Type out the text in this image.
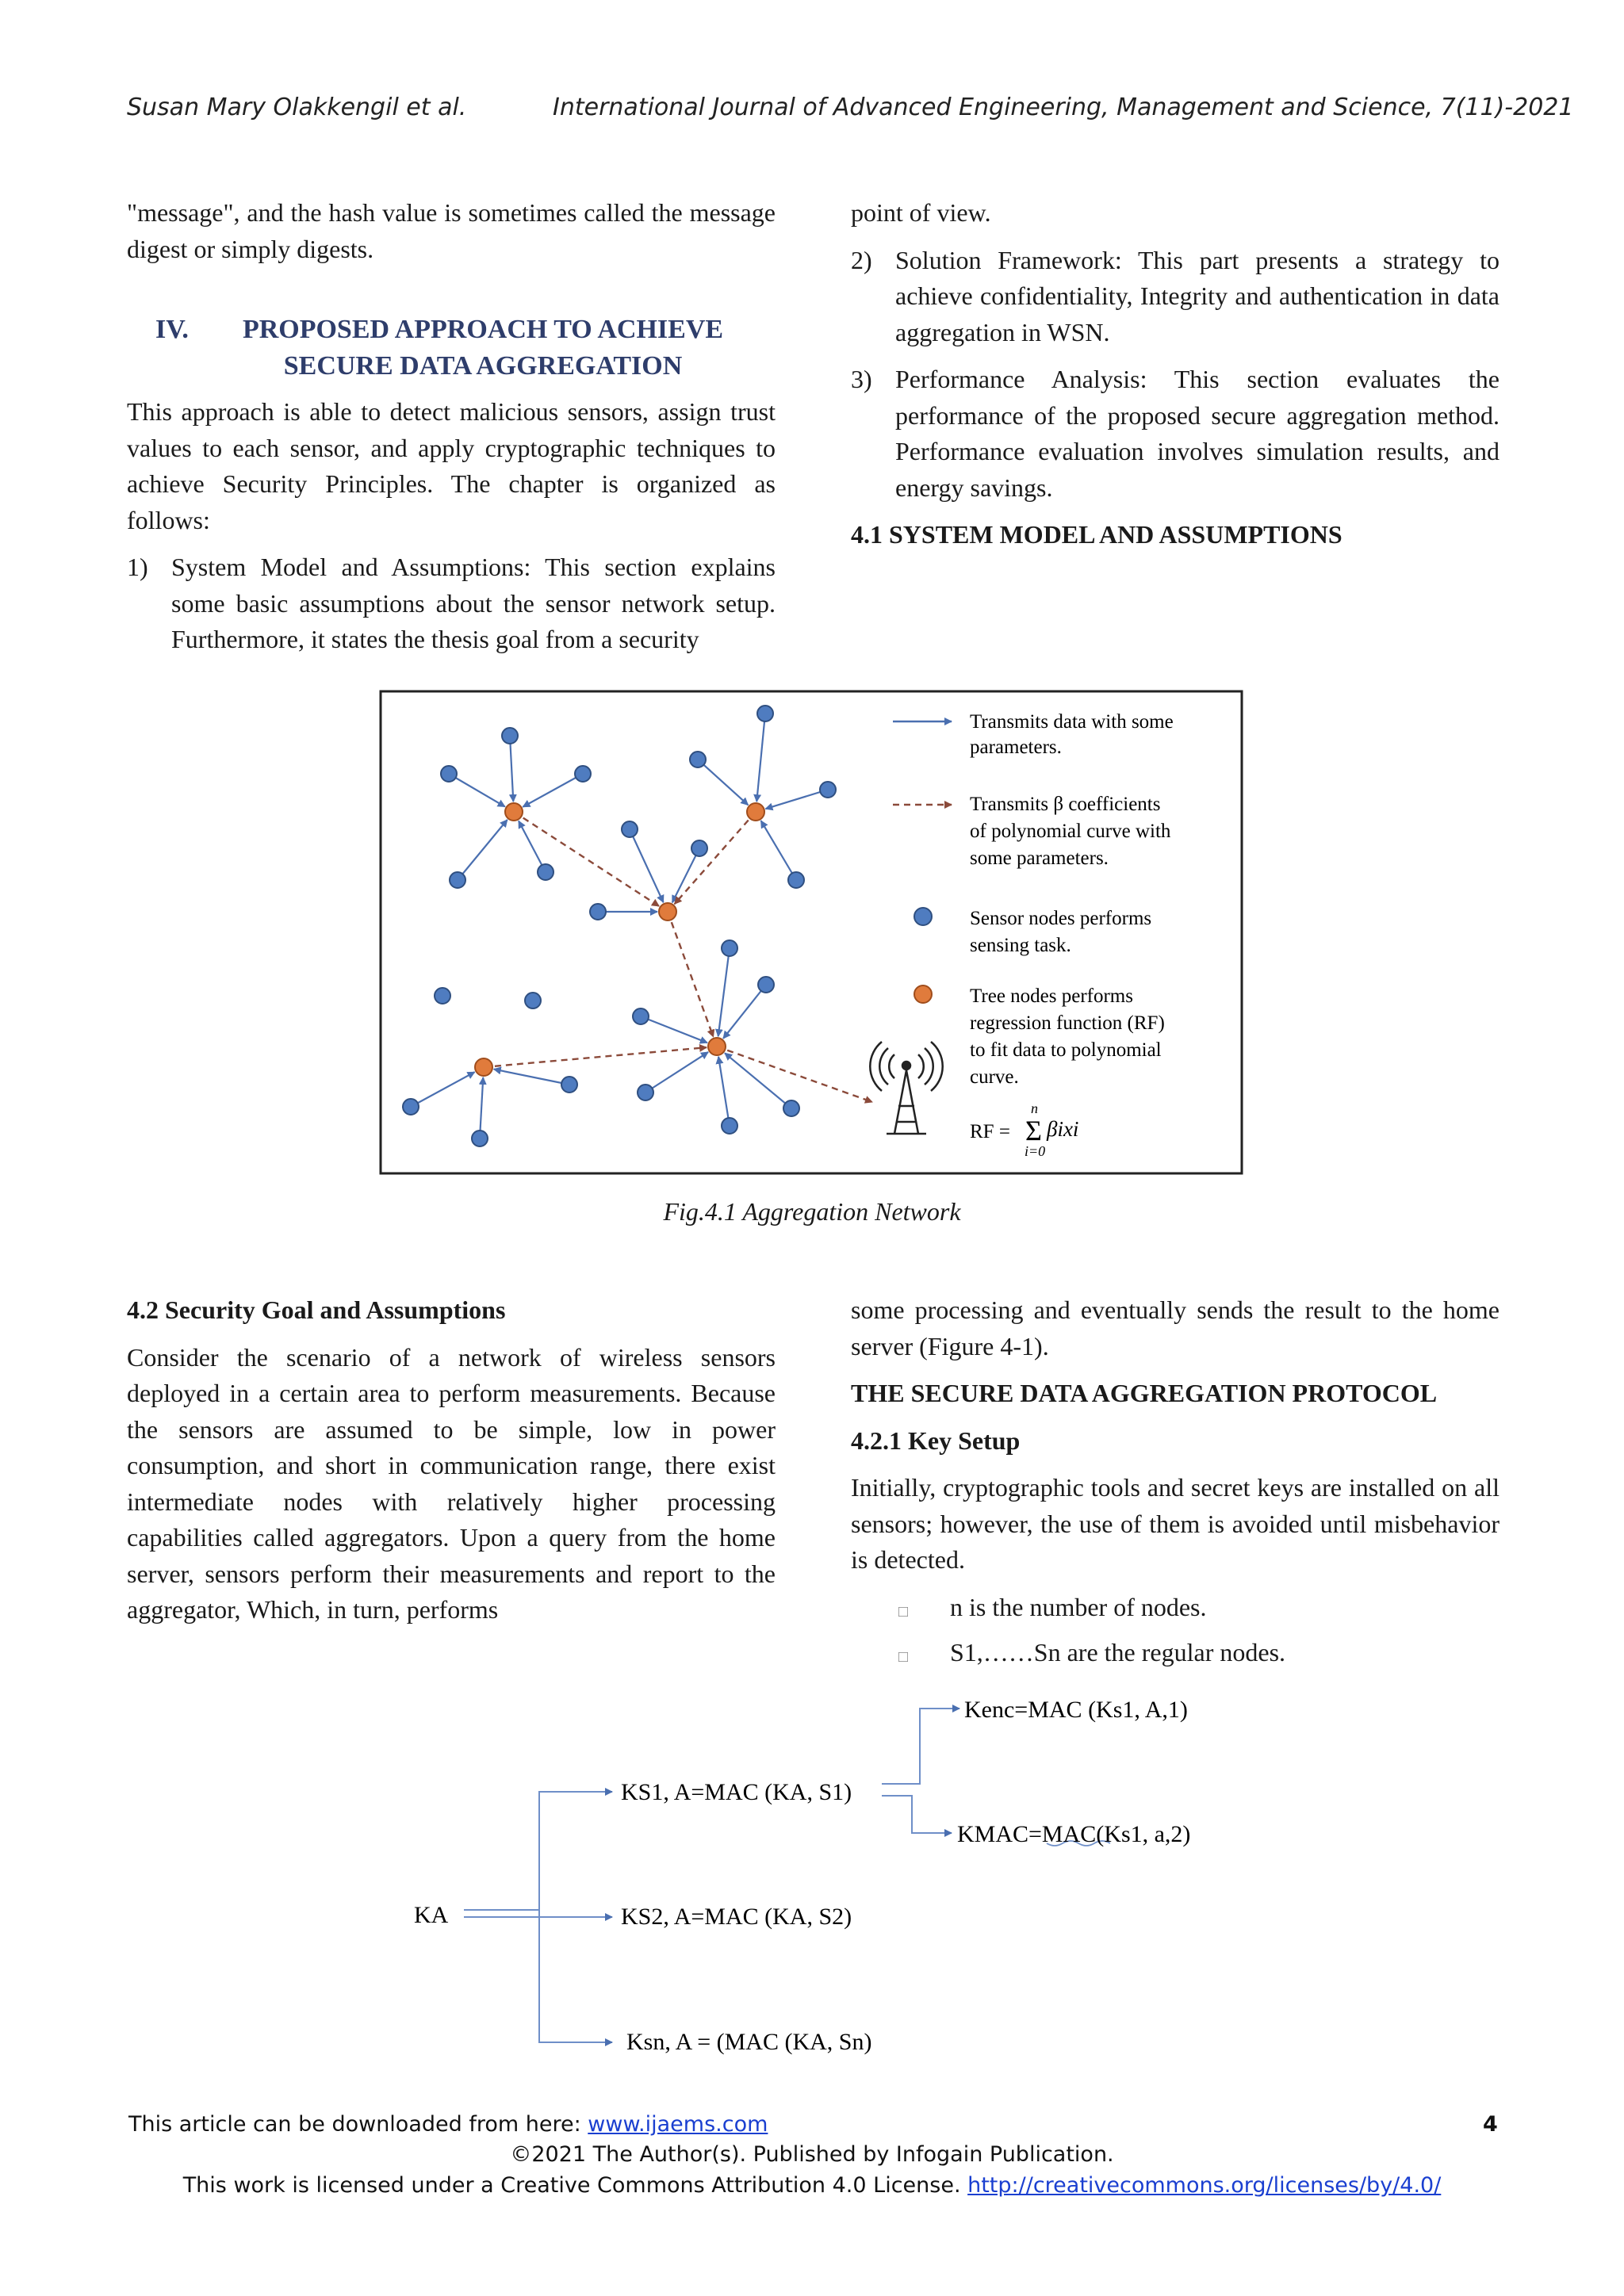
Susan Mary Olakkengil et al.	International Journal of Advanced Engineering, Management and Science, 7(11)-2021

"message", and the hash value is sometimes called the message digest or simply digests.

IV.	PROPOSED APPROACH TO ACHIEVE
SECURE DATA AGGREGATION

This approach is able to detect malicious sensors, assign trust values to each sensor, and apply cryptographic techniques to achieve Security Principles. The chapter is organized as follows:

1) System Model and Assumptions: This section explains some basic assumptions about the sensor network setup. Furthermore, it states the thesis goal from a security

point of view.

2) Solution Framework: This part presents a strategy to achieve confidentiality, Integrity and authentication in data aggregation in WSN.

3) Performance Analysis: This section evaluates the performance of the proposed secure aggregation method. Performance evaluation involves simulation results, and energy savings.

4.1 SYSTEM MODEL AND ASSUMPTIONS

Transmits data with some
parameters.
Transmits β coefficients
of polynomial curve with
some parameters.
Sensor nodes performs
sensing task.
Tree nodes performs
regression function (RF)
to fit data to polynomial
curve.
RF =
n
Σ
i=0
βixi
Fig.4.1 Aggregation Network

4.2 Security Goal and Assumptions

Consider the scenario of a network of wireless sensors deployed in a certain area to perform measurements. Because the sensors are assumed to be simple, low in power consumption, and short in communication range, there exist intermediate nodes with relatively higher processing capabilities called aggregators. Upon a query from the home server, sensors perform their measurements and report to the aggregator, Which, in turn, performs

some processing and eventually sends the result to the home server (Figure 4-1).

THE SECURE DATA AGGREGATION PROTOCOL

4.2.1 Key Setup

Initially, cryptographic tools and secret keys are installed on all sensors; however, the use of them is avoided until misbehavior is detected.

□ n is the number of nodes.
□ S1,……Sn are the regular nodes.
KA
KS1, A=MAC (KA, S1)
KS2, A=MAC (KA, S2)
Ksn, A = (MAC (KA, Sn)
Kenc=MAC (Ks1, A,1)
KMAC=MAC(Ks1, a,2)
This article can be downloaded from here: www.ijaems.com	4
©2021 The Author(s). Published by Infogain Publication.
This work is licensed under a Creative Commons Attribution 4.0 License. http://creativecommons.org/licenses/by/4.0/
